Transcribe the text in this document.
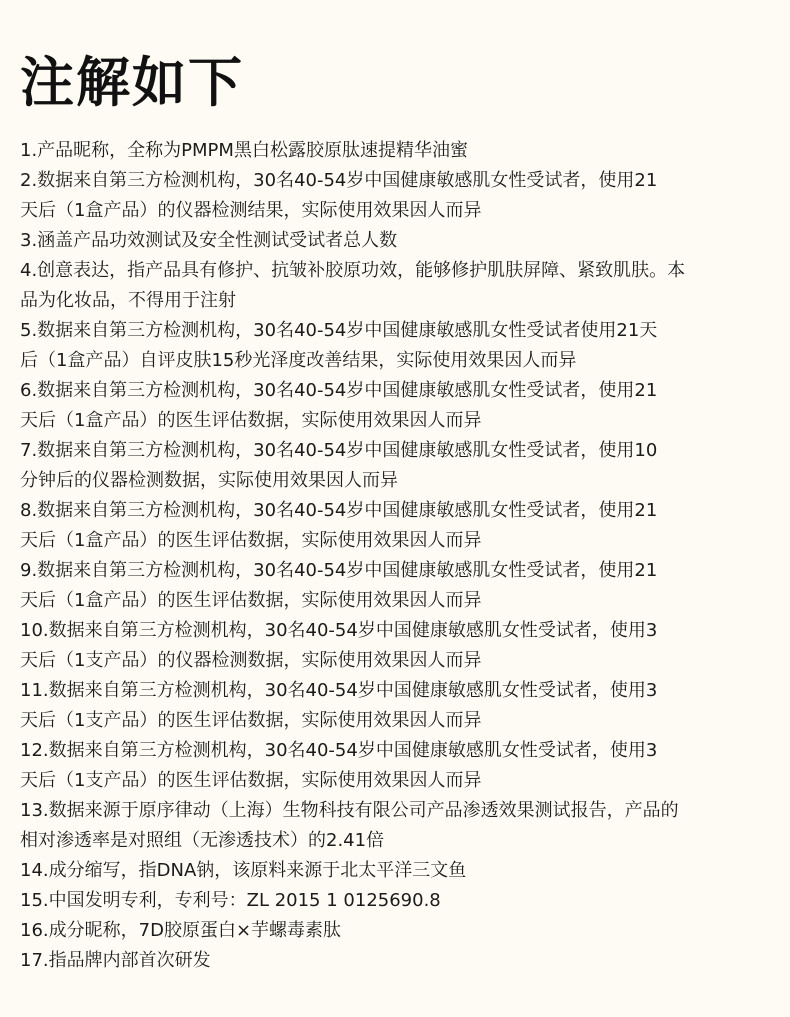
注解如下
1.产品昵称，全称为PMPM黑白松露胶原肽速提精华油蜜
2.数据来自第三方检测机构，30名40-54岁中国健康敏感肌女性受试者，使用21
天后（1盒产品）的仪器检测结果，实际使用效果因人而异
3.涵盖产品功效测试及安全性测试受试者总人数
4.创意表达，指产品具有修护、抗皱补胶原功效，能够修护肌肤屏障、紧致肌肤。本
品为化妆品，不得用于注射
5.数据来自第三方检测机构，30名40-54岁中国健康敏感肌女性受试者使用21天
后（1盒产品）自评皮肤15秒光泽度改善结果，实际使用效果因人而异
6.数据来自第三方检测机构，30名40-54岁中国健康敏感肌女性受试者，使用21
天后（1盒产品）的医生评估数据，实际使用效果因人而异
7.数据来自第三方检测机构，30名40-54岁中国健康敏感肌女性受试者，使用10
分钟后的仪器检测数据，实际使用效果因人而异
8.数据来自第三方检测机构，30名40-54岁中国健康敏感肌女性受试者，使用21
天后（1盒产品）的医生评估数据，实际使用效果因人而异
9.数据来自第三方检测机构，30名40-54岁中国健康敏感肌女性受试者，使用21
天后（1盒产品）的医生评估数据，实际使用效果因人而异
10.数据来自第三方检测机构，30名40-54岁中国健康敏感肌女性受试者，使用3
天后（1支产品）的仪器检测数据，实际使用效果因人而异
11.数据来自第三方检测机构，30名40-54岁中国健康敏感肌女性受试者，使用3
天后（1支产品）的医生评估数据，实际使用效果因人而异
12.数据来自第三方检测机构，30名40-54岁中国健康敏感肌女性受试者，使用3
天后（1支产品）的医生评估数据，实际使用效果因人而异
13.数据来源于原序律动（上海）生物科技有限公司产品渗透效果测试报告，产品的
相对渗透率是对照组（无渗透技术）的2.41倍
14.成分缩写，指DNA钠，该原料来源于北太平洋三文鱼
15.中国发明专利，专利号：ZL 2015 1 0125690.8
16.成分昵称，7D胶原蛋白×芋螺毒素肽
17.指品牌内部首次研发
